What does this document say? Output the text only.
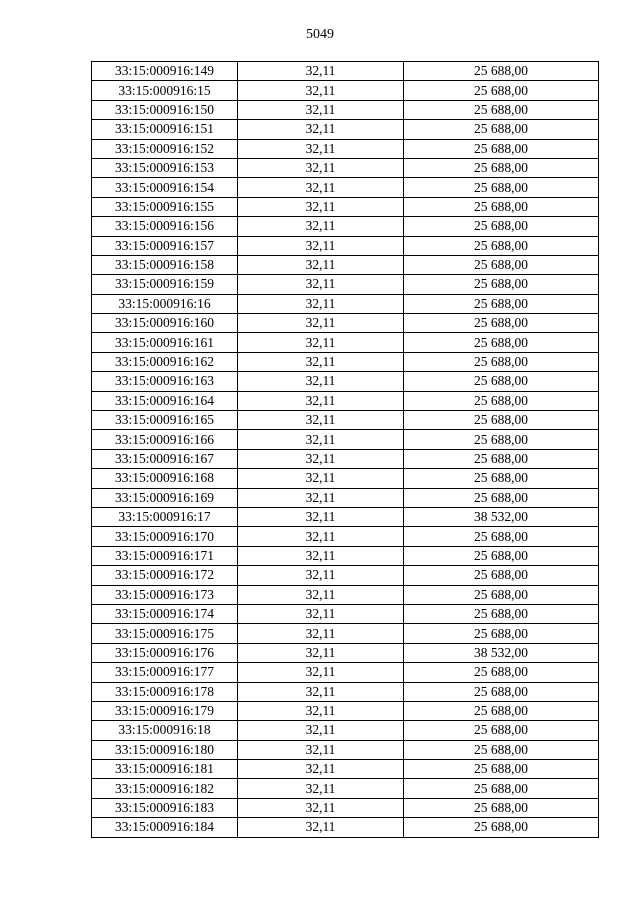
5049
33:15:000916:149	32,11	25 688,00
33:15:000916:15	32,11	25 688,00
33:15:000916:150	32,11	25 688,00
33:15:000916:151	32,11	25 688,00
33:15:000916:152	32,11	25 688,00
33:15:000916:153	32,11	25 688,00
33:15:000916:154	32,11	25 688,00
33:15:000916:155	32,11	25 688,00
33:15:000916:156	32,11	25 688,00
33:15:000916:157	32,11	25 688,00
33:15:000916:158	32,11	25 688,00
33:15:000916:159	32,11	25 688,00
33:15:000916:16	32,11	25 688,00
33:15:000916:160	32,11	25 688,00
33:15:000916:161	32,11	25 688,00
33:15:000916:162	32,11	25 688,00
33:15:000916:163	32,11	25 688,00
33:15:000916:164	32,11	25 688,00
33:15:000916:165	32,11	25 688,00
33:15:000916:166	32,11	25 688,00
33:15:000916:167	32,11	25 688,00
33:15:000916:168	32,11	25 688,00
33:15:000916:169	32,11	25 688,00
33:15:000916:17	32,11	38 532,00
33:15:000916:170	32,11	25 688,00
33:15:000916:171	32,11	25 688,00
33:15:000916:172	32,11	25 688,00
33:15:000916:173	32,11	25 688,00
33:15:000916:174	32,11	25 688,00
33:15:000916:175	32,11	25 688,00
33:15:000916:176	32,11	38 532,00
33:15:000916:177	32,11	25 688,00
33:15:000916:178	32,11	25 688,00
33:15:000916:179	32,11	25 688,00
33:15:000916:18	32,11	25 688,00
33:15:000916:180	32,11	25 688,00
33:15:000916:181	32,11	25 688,00
33:15:000916:182	32,11	25 688,00
33:15:000916:183	32,11	25 688,00
33:15:000916:184	32,11	25 688,00
